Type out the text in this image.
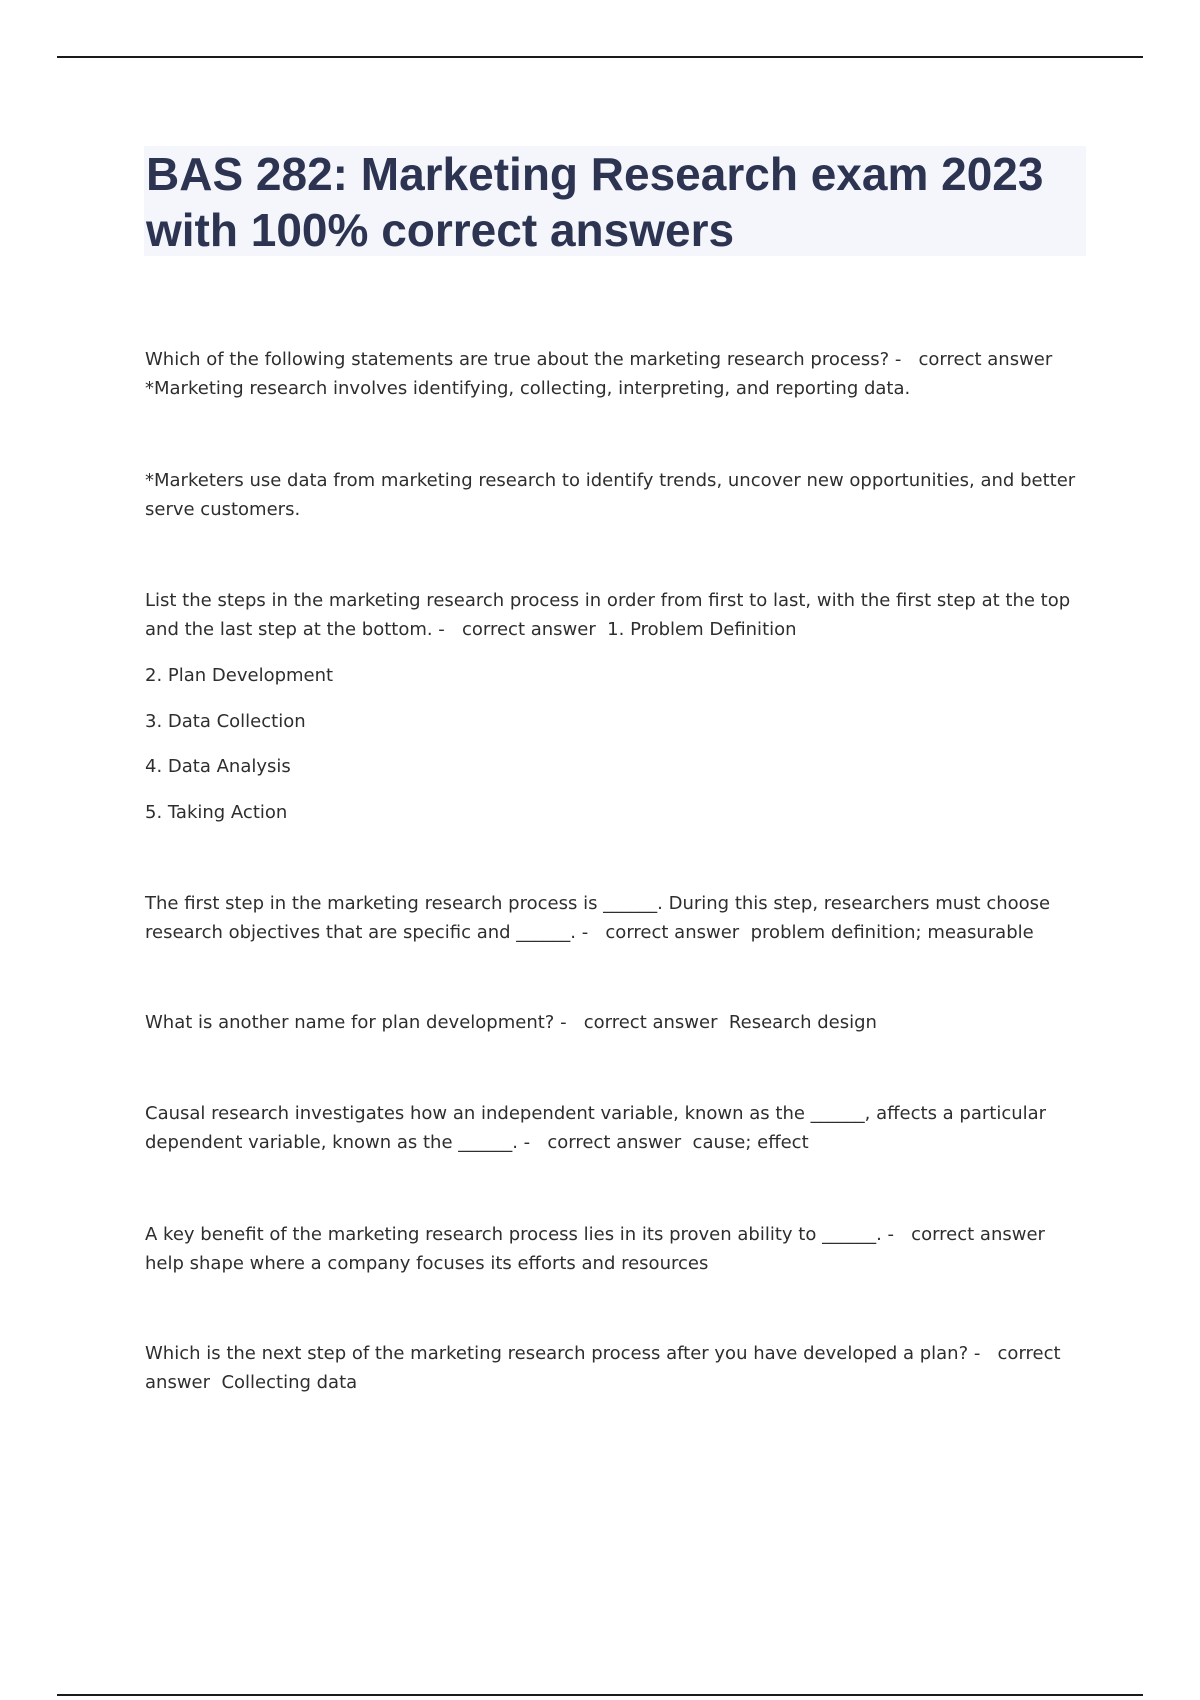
BAS 282: Marketing Research exam 2023 with 100% correct answers
Which of the following statements are true about the marketing research process? -   correct answer
*Marketing research involves identifying, collecting, interpreting, and reporting data.
*Marketers use data from marketing research to identify trends, uncover new opportunities, and better
serve customers.
List the steps in the marketing research process in order from first to last, with the first step at the top
and the last step at the bottom. -   correct answer  1. Problem Definition
2. Plan Development
3. Data Collection
4. Data Analysis
5. Taking Action
The first step in the marketing research process is ______. During this step, researchers must choose
research objectives that are specific and ______. -   correct answer  problem definition; measurable
What is another name for plan development? -   correct answer  Research design
Causal research investigates how an independent variable, known as the ______, affects a particular
dependent variable, known as the ______. -   correct answer  cause; effect
A key benefit of the marketing research process lies in its proven ability to ______. -   correct answer
help shape where a company focuses its efforts and resources
Which is the next step of the marketing research process after you have developed a plan? -   correct
answer  Collecting data
